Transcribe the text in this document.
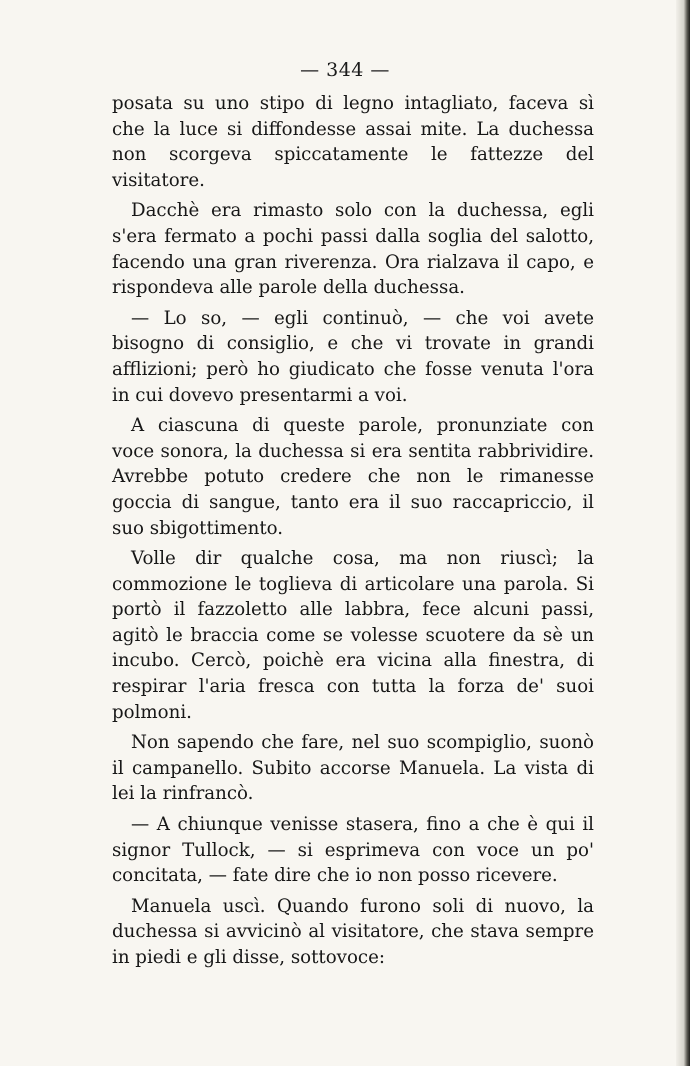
— 344 —

posata su uno stipo di legno intagliato, faceva sì che la luce si diffondesse assai mite. La duchessa non scorgeva spiccatamente le fattezze del visitatore.

Dacchè era rimasto solo con la duchessa, egli s'era fermato a pochi passi dalla soglia del salotto, facendo una gran riverenza. Ora rialzava il capo, e rispondeva alle parole della duchessa.

— Lo so, — egli continuò, — che voi avete bisogno di consiglio, e che vi trovate in grandi afflizioni; però ho giudicato che fosse venuta l'ora in cui dovevo presentarmi a voi.

A ciascuna di queste parole, pronunziate con voce sonora, la duchessa si era sentita rabbrividire. Avrebbe potuto credere che non le rimanesse goccia di sangue, tanto era il suo raccapriccio, il suo sbigottimento.

Volle dir qualche cosa, ma non riuscì; la commozione le toglieva di articolare una parola. Si portò il fazzoletto alle labbra, fece alcuni passi, agitò le braccia come se volesse scuotere da sè un incubo. Cercò, poichè era vicina alla finestra, di respirar l'aria fresca con tutta la forza de' suoi polmoni.

Non sapendo che fare, nel suo scompiglio, suonò il campanello. Subito accorse Manuela. La vista di lei la rinfrancò.

— A chiunque venisse stasera, fino a che è qui il signor Tullock, — si esprimeva con voce un po' concitata, — fate dire che io non posso ricevere.

Manuela uscì. Quando furono soli di nuovo, la duchessa si avvicinò al visitatore, che stava sempre in piedi e gli disse, sottovoce:
